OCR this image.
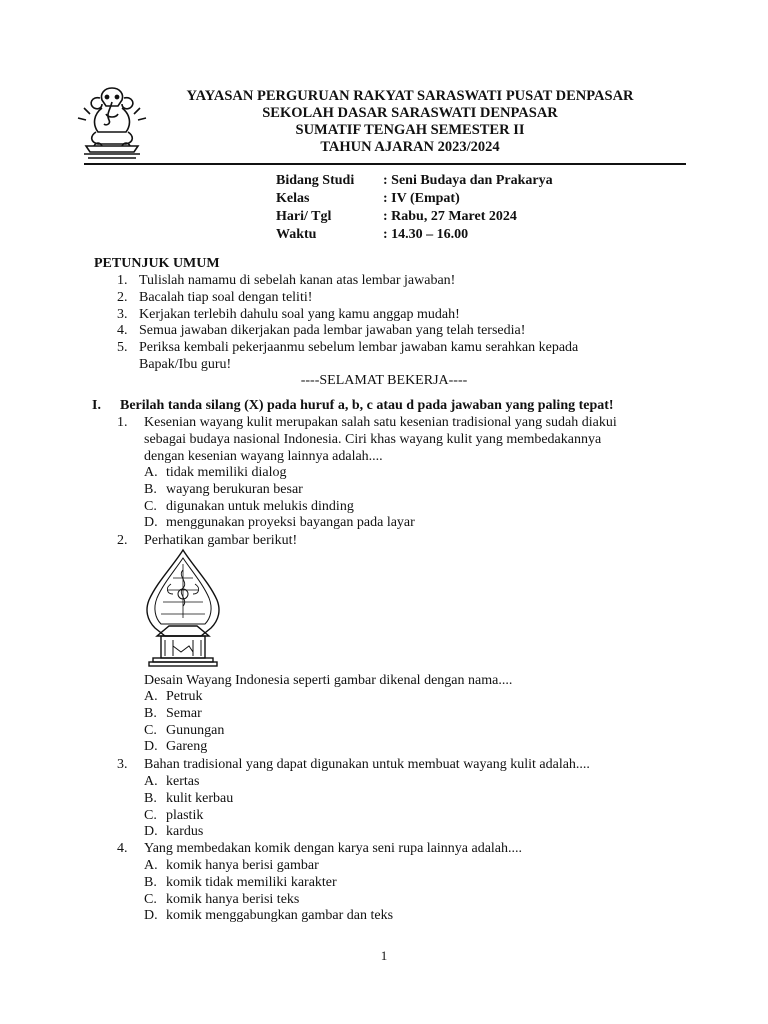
YAYASAN PERGURUAN RAKYAT SARASWATI PUSAT DENPASAR
SEKOLAH DASAR SARASWATI DENPASAR
SUMATIF TENGAH SEMESTER II
TAHUN AJARAN 2023/2024
Bidang Studi : Seni Budaya dan Prakarya
Kelas	: IV (Empat)
Hari/ Tgl	: Rabu, 27 Maret 2024
Waktu	: 14.30 – 16.00
PETUNJUK UMUM
1. Tulislah namamu di sebelah kanan atas lembar jawaban!
2. Bacalah tiap soal dengan teliti!
3. Kerjakan terlebih dahulu soal yang kamu anggap mudah!
4. Semua jawaban dikerjakan pada lembar jawaban yang telah tersedia!
5. Periksa kembali pekerjaanmu sebelum lembar jawaban kamu serahkan kepada
Bapak/Ibu guru!
----SELAMAT BEKERJA----
I. Berilah tanda silang (X) pada huruf a, b, c atau d pada jawaban yang paling tepat!
1. Kesenian wayang kulit merupakan salah satu kesenian tradisional yang sudah diakui
sebagai budaya nasional Indonesia. Ciri khas wayang kulit yang membedakannya
dengan kesenian wayang lainnya adalah....
A. tidak memiliki dialog
B. wayang berukuran besar
C. digunakan untuk melukis dinding
D. menggunakan proyeksi bayangan pada layar
2. Perhatikan gambar berikut!
Desain Wayang Indonesia seperti gambar dikenal dengan nama....
A. Petruk
B. Semar
C. Gunungan
D. Gareng
3. Bahan tradisional yang dapat digunakan untuk membuat wayang kulit adalah....
A. kertas
B. kulit kerbau
C. plastik
D. kardus
4. Yang membedakan komik dengan karya seni rupa lainnya adalah....
A. komik hanya berisi gambar
B. komik tidak memiliki karakter
C. komik hanya berisi teks
D. komik menggabungkan gambar dan teks
1
